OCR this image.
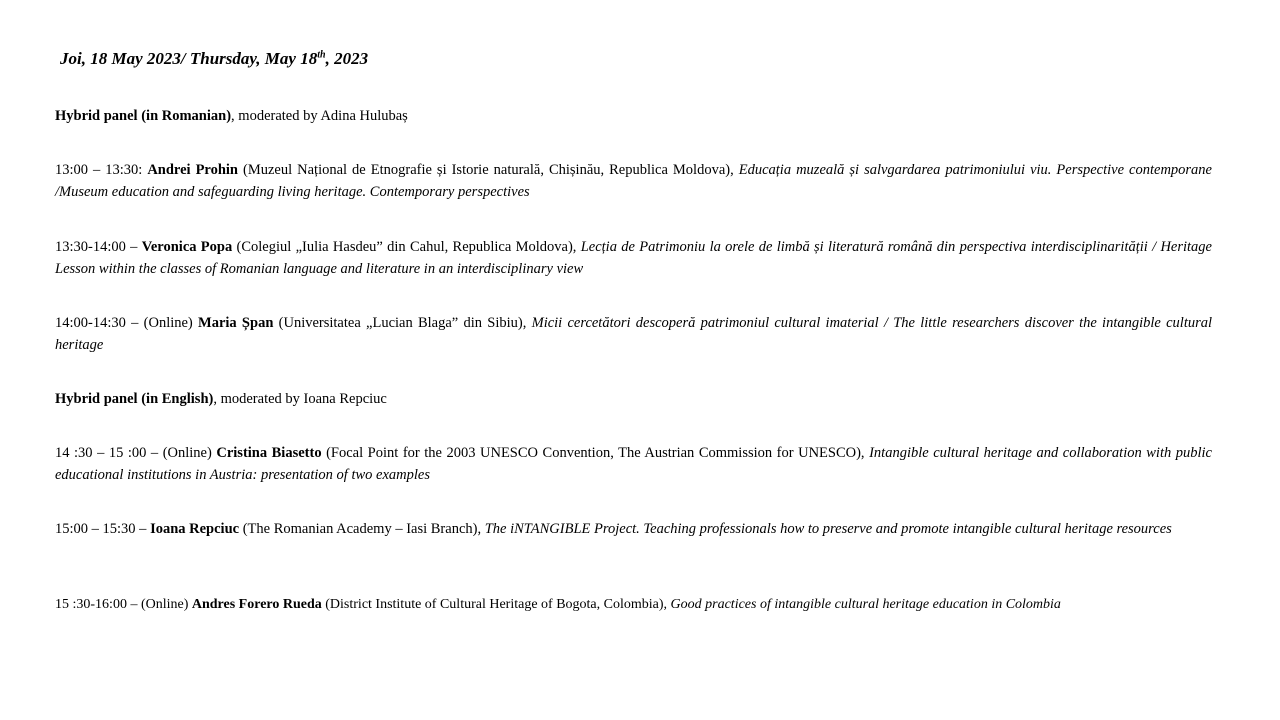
Joi, 18 May 2023/ Thursday, May 18th, 2023
Hybrid panel (in Romanian), moderated by Adina Hulubaș
13:00 – 13:30: Andrei Prohin (Muzeul Național de Etnografie și Istorie naturală, Chișinău, Republica Moldova), Educația muzeală și salvgardarea patrimoniului viu. Perspective contemporane /Museum education and safeguarding living heritage. Contemporary perspectives
13:30-14:00 – Veronica Popa (Colegiul „Iulia Hasdeu” din Cahul, Republica Moldova), Lecția de Patrimoniu la orele de limbă și literatură română din perspectiva interdisciplinarității / Heritage Lesson within the classes of Romanian language and literature in an interdisciplinary view
14:00-14:30 – (Online) Maria Șpan (Universitatea „Lucian Blaga” din Sibiu), Micii cercetători descoperă patrimoniul cultural imaterial / The little researchers discover the intangible cultural heritage
Hybrid panel (in English), moderated by Ioana Repciuc
14 :30 – 15 :00 – (Online) Cristina Biasetto (Focal Point for the 2003 UNESCO Convention, The Austrian Commission for UNESCO), Intangible cultural heritage and collaboration with public educational institutions in Austria: presentation of two examples
15:00 – 15:30 – Ioana Repciuc (The Romanian Academy – Iasi Branch), The iNTANGIBLE Project. Teaching professionals how to preserve and promote intangible cultural heritage resources
15 :30-16:00 – (Online) Andres Forero Rueda (District Institute of Cultural Heritage of Bogota, Colombia), Good practices of intangible cultural heritage education in Colombia
